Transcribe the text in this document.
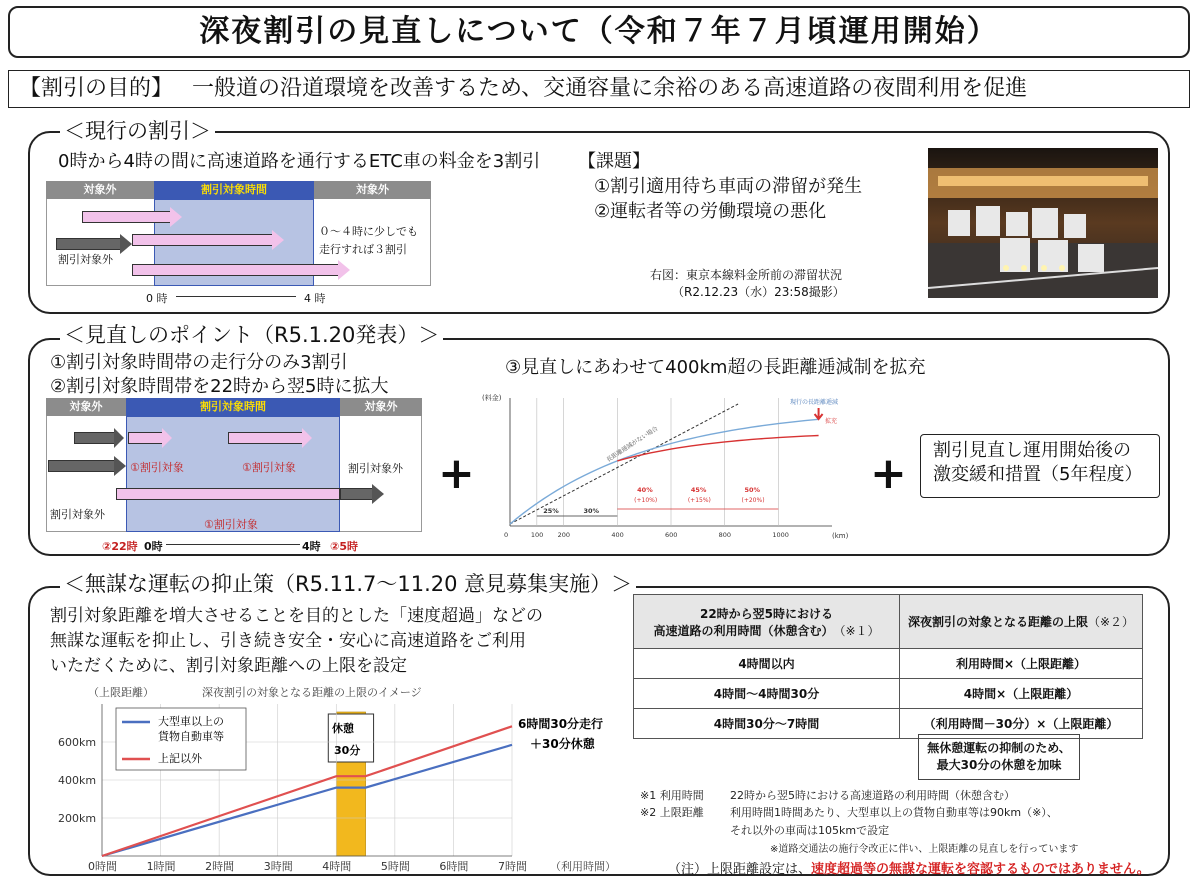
深夜割引の見直しについて（令和７年７月頃運用開始）
【割引の目的】 一般道の沿道環境を改善するため、交通容量に余裕のある高速道路の夜間利用を促進
＜現行の割引＞
0時から4時の間に高速道路を通行するETC車の料金を3割引
対象外	割引対象時間	対象外
割引対象外
０～４時に少しでも
走行すれば３割引
0 時	4 時
【課題】
①割引適用待ち車両の滞留が発生
②運転者等の労働環境の悪化
右図：東京本線料金所前の滞留状況
（R2.12.23（水）23:58撮影）
＜見直しのポイント（R5.1.20発表）＞
①割引対象時間帯の走行分のみ3割引
②割引対象時間帯を22時から翌5時に拡大
③見直しにあわせて400km超の長距離逓減制を拡充
対象外	割引対象時間	対象外
①割引対象	①割引対象
割引対象外
割引対象外
①割引対象
②22時 0時	4時 ②5時
+	+
(料金)
(km)
現行の長距離逓減
拡充
長距離逓減がない場合
0	100 200	400	600	800	1000
25%	30%
40%
(+10%)
45%
(+15%)
50%
(+20%)
割引見直し運用開始後の
激変緩和措置（5年程度）
＜無謀な運転の抑止策（R5.11.7～11.20 意見募集実施）＞
割引対象距離を増大させることを目的とした「速度超過」などの
無謀な運転を抑止し、引き続き安全・安心に高速道路をご利用
いただくために、割引対象距離への上限を設定
（上限距離）	深夜割引の対象となる距離の上限のイメージ
（利用時間）
0時間	1時間	2時間	3時間	4時間	5時間	6時間	7時間
200km
400km
600km
大型車以上の
貨物自動車等
上記以外
休憩
30分
6時間30分走行
＋30分休憩
22時から翌5時における
高速道路の利用時間（休憩含む） （※１）	深夜割引の対象となる距離の上限（※２）
4時間以内	利用時間×（上限距離）
4時間～4時間30分	4時間×（上限距離）
4時間30分～7時間	（利用時間－30分）×（上限距離）
無休憩運転の抑制のため、
最大30分の休憩を加味
※1 利用時間 22時から翌5時における高速道路の利用時間（休憩含む）
※2 上限距離 利用時間1時間あたり、大型車以上の貨物自動車等は90km（※）、
それ以外の車両は105kmで設定
※道路交通法の施行令改正に伴い、上限距離の見直しを行っています
（注）上限距離設定は、速度超過等の無謀な運転を容認するものではありません。
